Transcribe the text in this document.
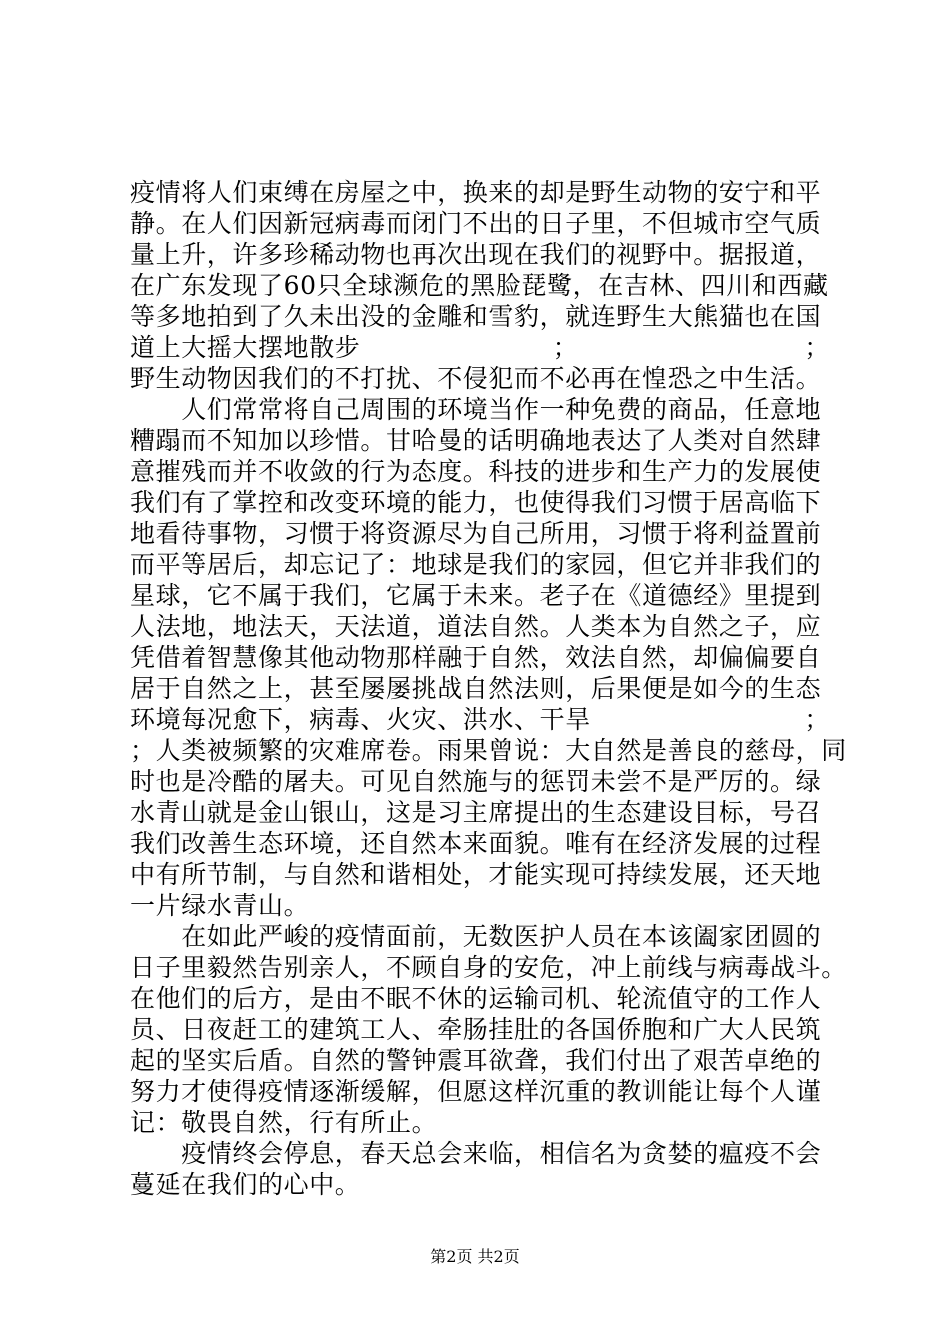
疫情将人们束缚在房屋之中，换来的却是野生动物的安宁和平
静。在人们因新冠病毒而闭门不出的日子里，不但城市空气质
量上升，许多珍稀动物也再次出现在我们的视野中。据报道，
在广东发现了60只全球濒危的黑脸琵鹭，在吉林、四川和西藏
等多地拍到了久未出没的金雕和雪豹，就连野生大熊猫也在国
道上大摇大摆地散步	；	；
野生动物因我们的不打扰、不侵犯而不必再在惶恐之中生活。
　　人们常常将自己周围的环境当作一种免费的商品，任意地
糟蹋而不知加以珍惜。甘哈曼的话明确地表达了人类对自然肆
意摧残而并不收敛的行为态度。科技的进步和生产力的发展使
我们有了掌控和改变环境的能力，也使得我们习惯于居高临下
地看待事物，习惯于将资源尽为自己所用，习惯于将利益置前
而平等居后，却忘记了：地球是我们的家园，但它并非我们的
星球，它不属于我们，它属于未来。老子在《道德经》里提到
人法地，地法天，天法道，道法自然。人类本为自然之子，应
凭借着智慧像其他动物那样融于自然，效法自然，却偏偏要自
居于自然之上，甚至屡屡挑战自然法则，后果便是如今的生态
环境每况愈下，病毒、火灾、洪水、干旱	；
；人类被频繁的灾难席卷。雨果曾说：大自然是善良的慈母，同
时也是冷酷的屠夫。可见自然施与的惩罚未尝不是严厉的。绿
水青山就是金山银山，这是习主席提出的生态建设目标，号召
我们改善生态环境，还自然本来面貌。唯有在经济发展的过程
中有所节制，与自然和谐相处，才能实现可持续发展，还天地
一片绿水青山。
　　在如此严峻的疫情面前，无数医护人员在本该阖家团圆的
日子里毅然告别亲人，不顾自身的安危，冲上前线与病毒战斗。
在他们的后方，是由不眠不休的运输司机、轮流值守的工作人
员、日夜赶工的建筑工人、牵肠挂肚的各国侨胞和广大人民筑
起的坚实后盾。自然的警钟震耳欲聋，我们付出了艰苦卓绝的
努力才使得疫情逐渐缓解，但愿这样沉重的教训能让每个人谨
记：敬畏自然，行有所止。
　　疫情终会停息，春天总会来临，相信名为贪婪的瘟疫不会
蔓延在我们的心中。
第2页 共2页
